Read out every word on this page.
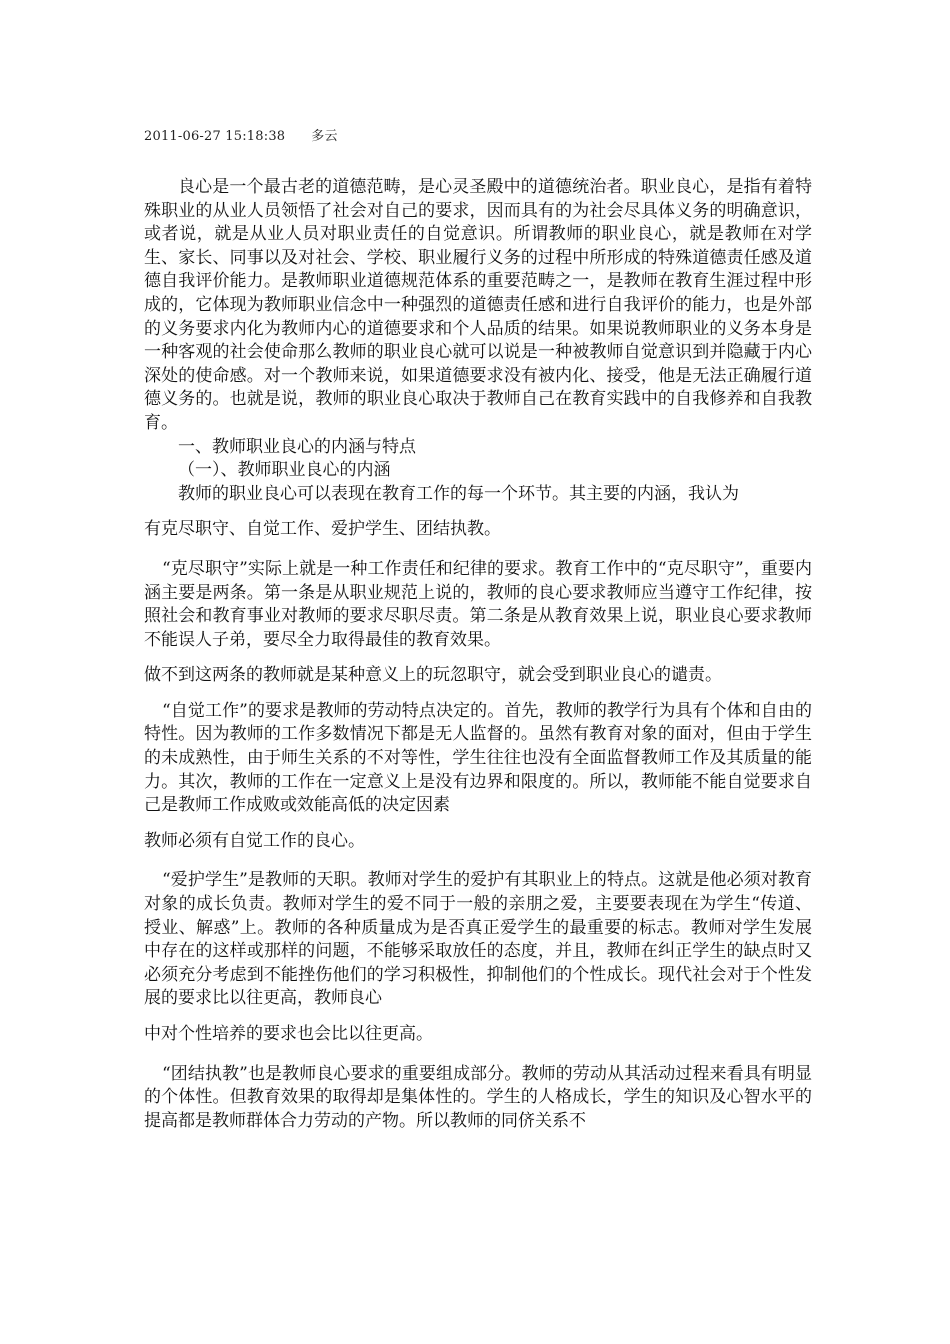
2011-06-27 15:18:38 多云

良心是一个最古老的道德范畴，是心灵圣殿中的道德统治者。职业良心，是指有着特殊职业的从业人员领悟了社会对自己的要求，因而具有的为社会尽具体义务的明确意识，或者说，就是从业人员对职业责任的自觉意识。所谓教师的职业良心，就是教师在对学生、家长、同事以及对社会、学校、职业履行义务的过程中所形成的特殊道德责任感及道德自我评价能力。是教师职业道德规范体系的重要范畴之一，是教师在教育生涯过程中形成的，它体现为教师职业信念中一种强烈的道德责任感和进行自我评价的能力，也是外部的义务要求内化为教师内心的道德要求和个人品质的结果。如果说教师职业的义务本身是一种客观的社会使命那么教师的职业良心就可以说是一种被教师自觉意识到并隐藏于内心深处的使命感。对一个教师来说，如果道德要求没有被内化、接受，他是无法正确履行道德义务的。也就是说，教师的职业良心取决于教师自己在教育实践中的自我修养和自我教育。

一、教师职业良心的内涵与特点

（一）、教师职业良心的内涵

教师的职业良心可以表现在教育工作的每一个环节。其主要的内涵，我认为

有克尽职守、自觉工作、爱护学生、团结执教。

“克尽职守”实际上就是一种工作责任和纪律的要求。教育工作中的“克尽职守”，重要内涵主要是两条。第一条是从职业规范上说的，教师的良心要求教师应当遵守工作纪律，按照社会和教育事业对教师的要求尽职尽责。第二条是从教育效果上说，职业良心要求教师不能误人子弟，要尽全力取得最佳的教育效果。

做不到这两条的教师就是某种意义上的玩忽职守，就会受到职业良心的谴责。

“自觉工作”的要求是教师的劳动特点决定的。首先，教师的教学行为具有个体和自由的特性。因为教师的工作多数情况下都是无人监督的。虽然有教育对象的面对，但由于学生的未成熟性，由于师生关系的不对等性，学生往往也没有全面监督教师工作及其质量的能力。其次，教师的工作在一定意义上是没有边界和限度的。所以，教师能不能自觉要求自己是教师工作成败或效能高低的决定因素

教师必须有自觉工作的良心。

“爱护学生”是教师的天职。教师对学生的爱护有其职业上的特点。这就是他必须对教育对象的成长负责。教师对学生的爱不同于一般的亲朋之爱，主要要表现在为学生“传道、授业、解惑”上。教师的各种质量成为是否真正爱学生的最重要的标志。教师对学生发展中存在的这样或那样的问题，不能够采取放任的态度，并且，教师在纠正学生的缺点时又必须充分考虑到不能挫伤他们的学习积极性，抑制他们的个性成长。现代社会对于个性发展的要求比以往更高，教师良心

中对个性培养的要求也会比以往更高。

“团结执教”也是教师良心要求的重要组成部分。教师的劳动从其活动过程来看具有明显的个体性。但教育效果的取得却是集体性的。学生的人格成长，学生的知识及心智水平的提高都是教师群体合力劳动的产物。所以教师的同侪关系不
